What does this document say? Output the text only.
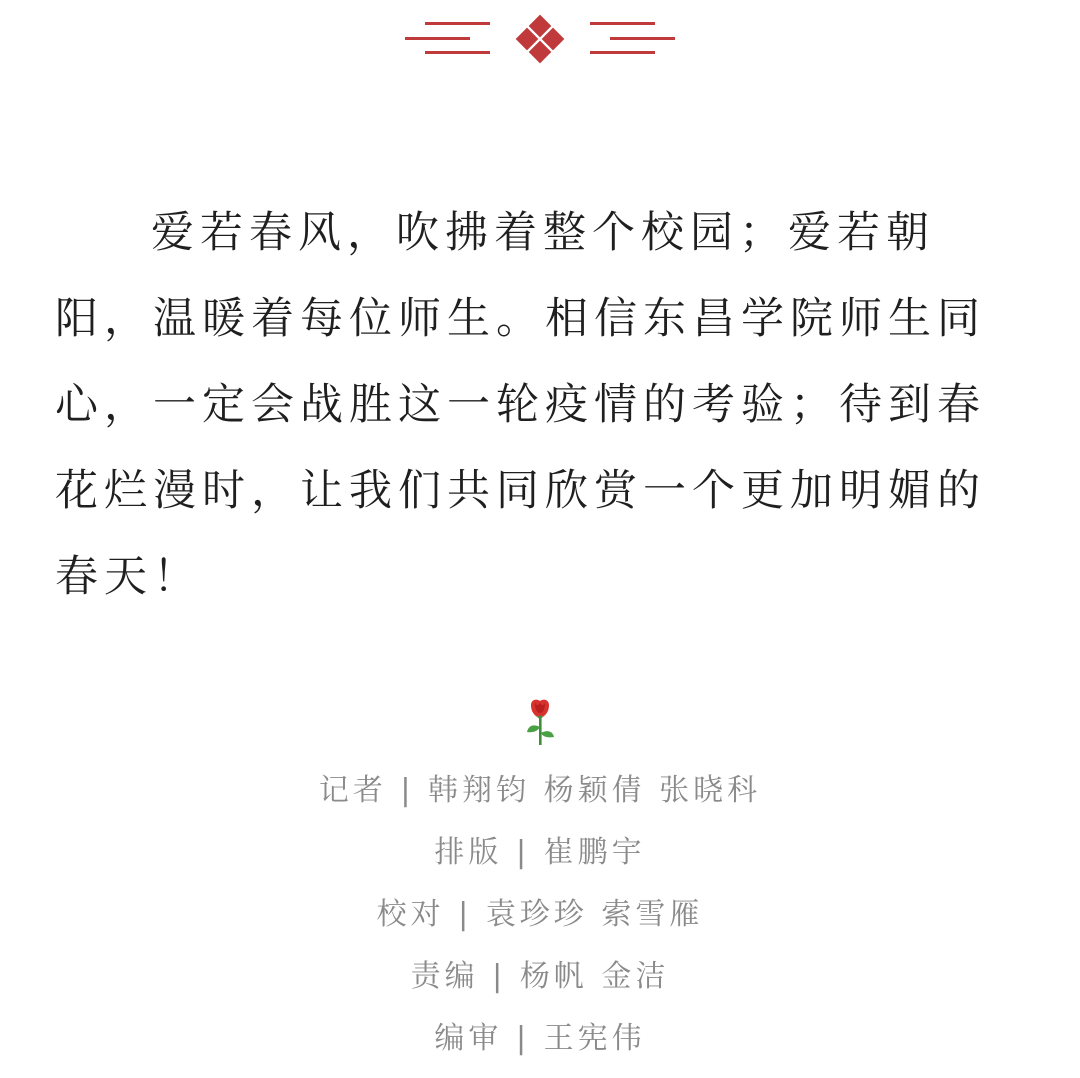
爱若春风，吹拂着整个校园；爱若朝阳，温暖着每位师生。相信东昌学院师生同心，一定会战胜这一轮疫情的考验；待到春花烂漫时，让我们共同欣赏一个更加明媚的春天！

记者 | 韩翔钧 杨颖倩 张晓科
排版 | 崔鹏宇
校对 | 袁珍珍 索雪雁
责编 | 杨帆 金洁
编审 | 王宪伟
